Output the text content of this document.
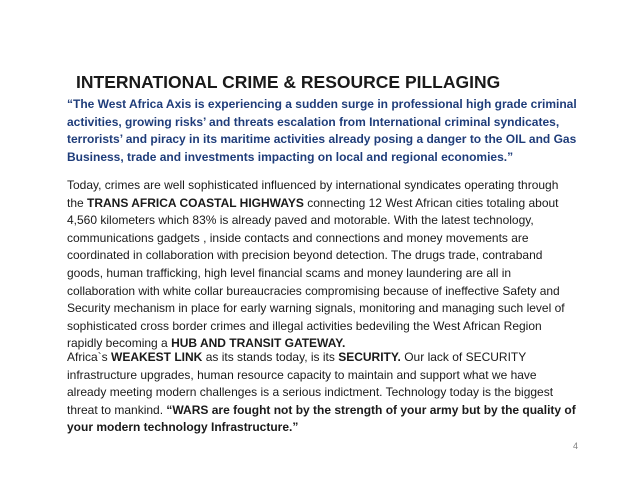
INTERNATIONAL CRIME & RESOURCE PILLAGING
“The West Africa Axis is experiencing a sudden surge in professional high grade criminal activities, growing risks’ and threats escalation from International criminal syndicates, terrorists’ and piracy in its maritime activities already posing a danger to the OIL and Gas Business, trade and investments impacting on local and regional economies.”
Today, crimes are well sophisticated influenced by international syndicates operating through the TRANS AFRICA COASTAL HIGHWAYS connecting 12 West African cities totaling about 4,560 kilometers which 83% is already paved and motorable. With the latest technology, communications gadgets , inside contacts and connections and money movements are coordinated in collaboration with precision beyond detection. The drugs trade, contraband goods, human trafficking, high level financial scams and money laundering are all in collaboration with white collar bureaucracies compromising because of ineffective Safety and Security mechanism in place for early warning signals, monitoring and managing such level of sophisticated cross border crimes and illegal activities bedeviling the West African Region rapidly becoming a HUB AND TRANSIT GATEWAY.
Africa`s WEAKEST LINK as its stands today, is its SECURITY. Our lack of SECURITY infrastructure upgrades, human resource capacity to maintain and support what we have already meeting modern challenges is a serious indictment. Technology today is the biggest threat to mankind. “WARS are fought not by the strength of your army but by the quality of your modern technology Infrastructure.”
4
